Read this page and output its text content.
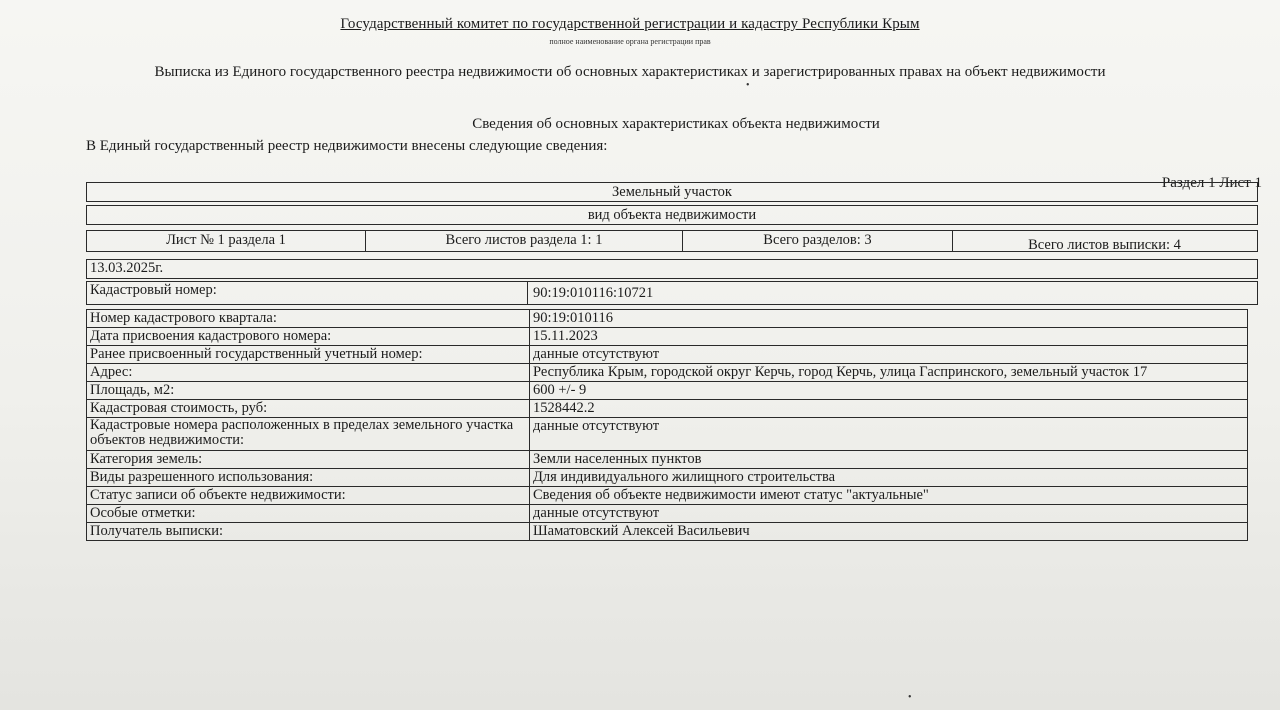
Государственный комитет по государственной регистрации и кадастру Республики Крым
полное наименование органа регистрации прав
Выписка из Единого государственного реестра недвижимости об основных характеристиках и зарегистрированных правах на объект недвижимости
Сведения об основных характеристиках объекта недвижимости
В Единый государственный реестр недвижимости внесены следующие сведения:
Раздел 1 Лист 1
Земельный участок
вид объекта недвижимости
Лист № 1 раздела 1	Всего листов раздела 1: 1	Всего разделов: 3	Всего листов выписки: 4
13.03.2025г.
Кадастровый номер:	90:19:010116:10721
Номер кадастрового квартала:	90:19:010116
Дата присвоения кадастрового номера:	15.11.2023
Ранее присвоенный государственный учетный номер:	данные отсутствуют
Адрес:	Республика Крым, городской округ Керчь, город Керчь, улица Гаспринского, земельный участок 17
Площадь, м2:	600 +/- 9
Кадастровая стоимость, руб:	1528442.2
Кадастровые номера расположенных в пределах земельного участка объектов недвижимости:	данные отсутствуют
Категория земель:	Земли населенных пунктов
Виды разрешенного использования:	Для индивидуального жилищного строительства
Статус записи об объекте недвижимости:	Сведения об объекте недвижимости имеют статус "актуальные"
Особые отметки:	данные отсутствуют
Получатель выписки:	Шаматовский Алексей Васильевич
•
•
